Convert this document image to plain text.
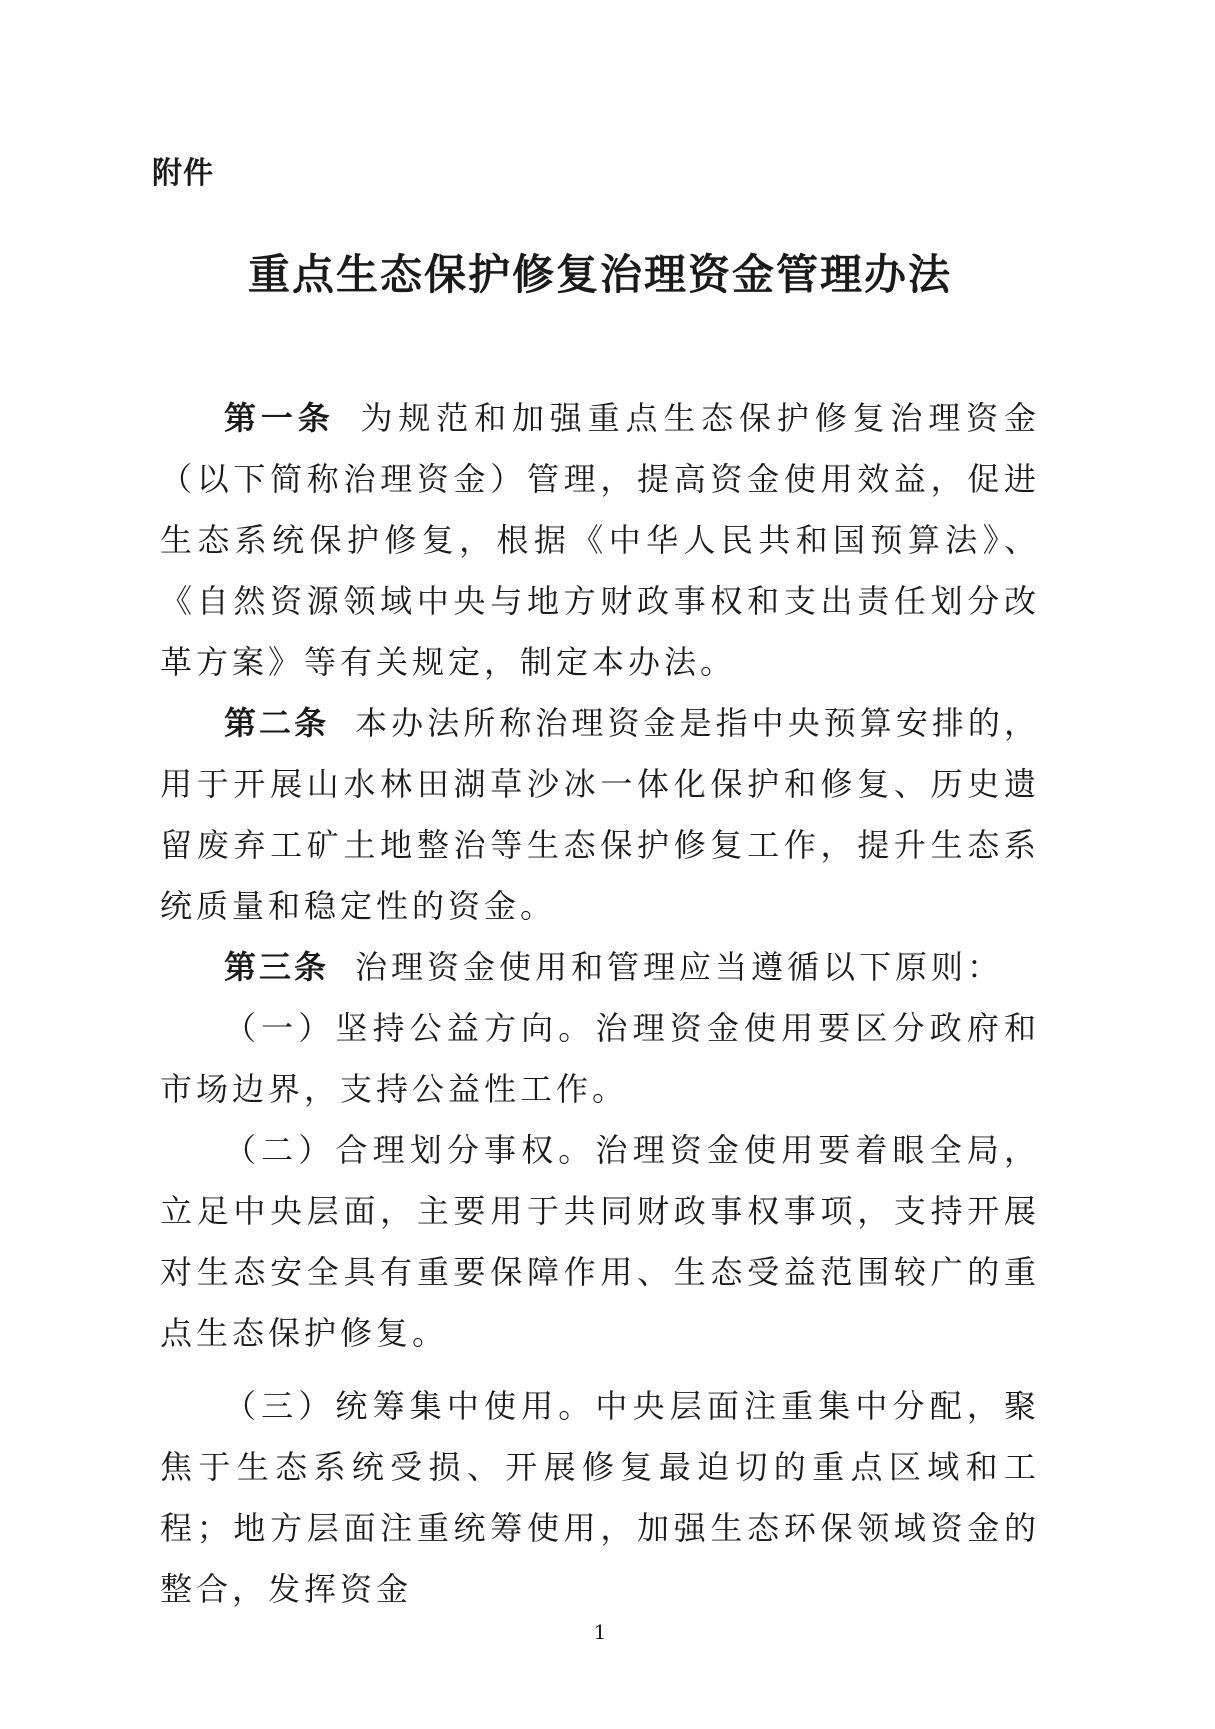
附件
重点生态保护修复治理资金管理办法

第一条 为规范和加强重点生态保护修复治理资金（以下简称治理资金）管理，提高资金使用效益，促进生态系统保护修复，根据《中华人民共和国预算法》、《自然资源领域中央与地方财政事权和支出责任划分改革方案》等有关规定，制定本办法。

第二条 本办法所称治理资金是指中央预算安排的，用于开展山水林田湖草沙冰一体化保护和修复、历史遗留废弃工矿土地整治等生态保护修复工作，提升生态系统质量和稳定性的资金。

第三条 治理资金使用和管理应当遵循以下原则：

（一）坚持公益方向。治理资金使用要区分政府和市场边界，支持公益性工作。

（二）合理划分事权。治理资金使用要着眼全局，立足中央层面，主要用于共同财政事权事项，支持开展对生态安全具有重要保障作用、生态受益范围较广的重点生态保护修复。

（三）统筹集中使用。中央层面注重集中分配，聚焦于生态系统受损、开展修复最迫切的重点区域和工程；地方层面注重统筹使用，加强生态环保领域资金的整合，发挥资金

1
